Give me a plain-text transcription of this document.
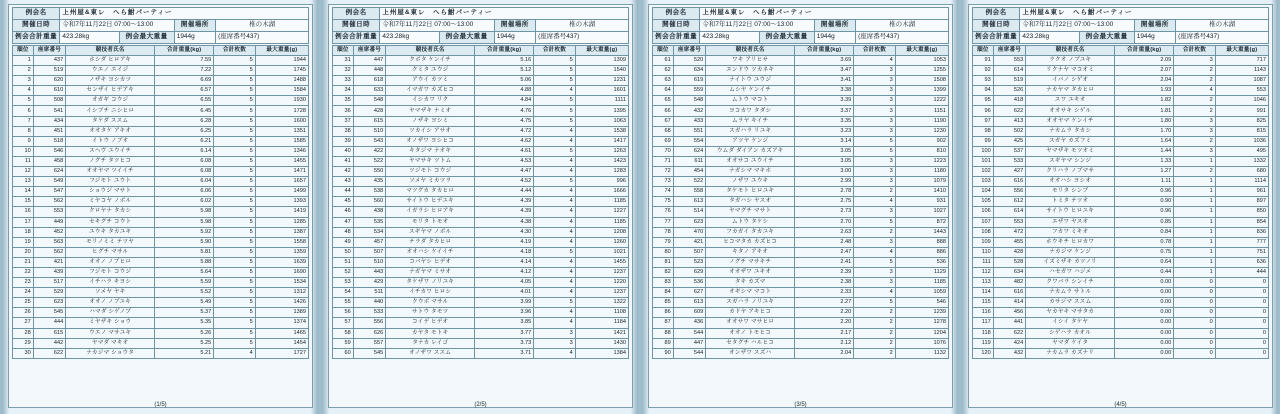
例会名	上州屋&東レ　へら鮒パーティー			
開催日時	令和7年11月22日 07:00～13:00		開催場所	椎の木湖
例会合計重量	423.28kg	例会最大重量	1944g	(座席番号437)
順位	座席番号	競技者氏名	合計重量(kg)	合計枚数	最大重量(g)
1	437	ホシダ ヒロアキ	7.59	5	1944
2	519	ウエノ エイジ	7.22	5	1745
3	620	ノザキ ヨシカツ	6.69	5	1488
4	610	センザイ ヒデアキ	6.57	5	1584
5	508	オガギ コウジ	6.55	5	1930
6	541	イシブチ ニシヒロ	6.45	5	1728
7	434	タケダ ススム	6.28	5	1600
8	451	オオタケ アキオ	6.25	5	1351
9	518	イトウ ノブオ	6.21	5	1585
10	546	スヘヴ ユウイチ	6.14	5	1346
11	458	ノグチ タツヒコ	6.08	5	1455
12	624	オオヤマ ツイイチ	6.08	5	1471
13	549	フジモト ユウト	6.04	5	1657
14	547	ショウジ マサト	6.06	5	1499
15	562	ミヤコヤ ノボル	6.02	5	1393
16	553	クロヤナ タカシ	5.98	5	1419
17	449	セキグチ コウト	5.98	5	1285
18	452	ユウキ タカユキ	5.92	5	1387
19	563	モリノミミ テツヤ	5.90	5	1558
20	562	ヒグチ マサル	5.81	5	1359
21	421	オオノ ノブヒロ	5.88	5	1639
22	439	フジモト コウジ	5.64	5	1690
23	517	イチハラ キヨシ	5.59	5	1534
24	529	ソメヤ ヤキ	5.52	5	1312
25	623	オオノ ノブユキ	5.49	5	1426
26	545	ハマダ シゲノブ	5.37	5	1389
27	444	ミヤザキ ショウ	5.35	5	1374
28	615	ウエノ マサユキ	5.26	5	1465
29	442	ヤマダ マキオ	5.25	5	1454
30	622	ナカジマ ショウタ	5.21	4	1727
(1/5)
例会名	上州屋&東レ　へら鮒パーティー			
開催日時	令和7年11月22日 07:00～13:00		開催場所	椎の木湖
例会合計重量	423.28kg	例会最大重量	1944g	(座席番号437)
順位	座席番号	競技者氏名	合計重量(kg)	合計枚数	最大重量(g)
31	447	クボタ ケンイチ	5.16	5	1309
32	448	クミタ ユウジ	5.12	5	1540
33	618	アウイ カツミ	5.06	5	1231
34	633	イマガワ カズヒコ	4.88	4	1601
35	548	イシカワ リク	4.84	5	1111
36	428	ヤマザキ ナミオ	4.76	5	1395
37	615	ノザキ ヨシミ	4.75	5	1063
38	510	ツカイシ アサオ	4.72	4	1538
39	543	オノザワ ヨシヒコ	4.62	4	1417
40	422	キタジマ ナオキ	4.61	5	1263
41	522	ヤマサキ ツトム	4.53	4	1423
42	550	ツジモト コウジ	4.47	4	1283
43	435	ソメヤ ミカツラ	4.52	5	996
44	538	マツグカ タカヒロ	4.44	4	1666
45	560	サイトウ ヒデユキ	4.39	4	1185
46	438	イガラシ ヒロアキ	4.39	4	1227
47	535	モリタ トモオ	4.38	4	1185
48	534	スギヤマ ノボル	4.30	4	1208
49	457	テラダ タカヒロ	4.19	4	1260
50	507	オオハシ ケイイチ	4.18	5	1021
51	510	コバヤシ ヒデオ	4.14	4	1455
52	443	ナガヤマ ミサオ	4.12	4	1237
53	429	タケザワ ノリユキ	4.05	4	1220
54	511	イチカワ ヒロシ	4.01	4	1237
55	440	クウボ マサル	3.99	5	1322
56	533	サトウ タモツ	3.96	4	1108
57	556	コイデ ヒデオ	3.85	4	1184
58	626	カヤタ モトキ	3.77	3	1421
59	557	タナカ レイゴ	3.73	3	1430
60	545	オノザワ ススム	3.71	4	1384
(2/5)
例会名	上州屋&東レ　へら鮒パーティー			
開催日時	令和7年11月22日 07:00～13:00		開催場所	椎の木湖
例会合計重量	423.28kg	例会最大重量	1944g	(座席番号437)
順位	座席番号	競技者氏名	合計重量(kg)	合計枚数	最大重量(g)
61	520	ワキ アリヒサ	3.69	4	1053
62	634	エンドウ ツカネキ	3.47	3	1255
63	619	ナイトウ ユウジ	3.41	3	1508
64	559	ムシヤ ケンイチ	3.38	3	1399
65	548	ムトウ マコト	3.39	3	1222
66	432	ヨコカワ タダシ	3.37	3	1151
67	433	ムラヤ キイチ	3.35	3	1190
68	551	スガハラ リユキ	3.23	3	1230
69	554	アツヤ ケンジ	3.14	5	902
70	624	ウムダ ダイアン カズアキ	3.05	5	810
71	611	オオサコ ユウイチ	3.05	3	1223
72	454	ナガシマ マキホ	3.00	3	1180
73	522	ノザワ ユウキ	2.99	3	1079
74	558	タケモト ヒロユキ	2.78	2	1410
75	613	タガハシ ヤスオ	2.75	4	931
76	514	ヤマグチ マサト	2.73	3	1027
77	623	ムトウ タケシ	2.70	5	872
78	470	フカガイ タカユキ	2.63	2	1443
79	421	ヒコマタカ カズヒコ	2.48	3	888
80	507	キタノ アキオ	2.47	4	886
81	523	ノグチ マサキチ	2.41	5	536
82	629	オオザワ ユキオ	2.39	3	1129
83	536	タキ カズマ	2.38	3	1185
84	627	オギシマ マコト	2.33	4	1059
85	613	スガハラ ノリユキ	2.27	5	546
86	609	カドヤ アキヒコ	2.20	2	1239
87	436	オオサワ マサヒロ	2.20	2	1278
88	544	オオノ トモヒコ	2.17	2	1204
89	447	セタグチ ハルヒコ	2.12	2	1076
90	544	オンザワ スズハ	2.04	2	1132
(3/5)
例会名	上州屋&東レ　へら鮒パーティー			
開催日時	令和7年11月22日 07:00～13:00		開催場所	椎の木湖
例会合計重量	423.28kg	例会最大重量	1944g	(座席番号437)
順位	座席番号	競技者氏名	合計重量(kg)	合計枚数	最大重量(g)
91	553	ラクオ ノブユキ	2.09	3	717
92	614	リクナヤ マコオミ	2.07	2	1143
93	519	イバノ シゲオ	2.04	2	1087
94	526	ナカヤマ タカヒロ	1.93	4	553
95	418	スワ ユキオ	1.82	2	1046
96	622	オオサキ シゲル	1.81	2	991
97	413	オオヤマ ケンイチ	1.80	3	825
98	502	ナカムラ タカシ	1.70	3	815
99	425	スガヤ カズフミ	1.64	2	1036
100	537	ヤマザキ モツオミ	1.44	3	495
101	533	スギヤマ シンジ	1.33	1	1332
102	427	クリハラ ノブマサ	1.27	2	680
103	616	オオハシ ヨシオ	1.11	1	1114
104	556	モリタ シンブ	0.96	1	961
105	612	トミタ テツオ	0.90	1	897
106	614	サイトウ ヒロユキ	0.96	1	850
107	553	エザワ ヤスオ	0.85	1	854
108	472	フカワ ミキオ	0.84	1	836
109	455	ホウキチ ヒロカワ	0.78	1	777
110	428	ナカジマ ケンジ	0.75	1	751
111	528	イズミザキ カツノリ	0.64	1	636
112	634	ハセガワ ハジメ	0.44	1	444
113	482	クワバラ シンイチ	0.00	0	0
114	616	ナカムラ サトル	0.00	0	0
115	414	カサジマ ススム	0.00	0	0
116	456	ヤカヤキ マサタカ	0.00	0	0
117	441	イシイ タケヤ	0.00	0	0
118	622	シゲハラ カオル	0.00	0	0
119	424	ヤマダ ケイタ	0.00	0	0
120	432	ナカムラ カズナリ	0.00	0	0
(4/5)
